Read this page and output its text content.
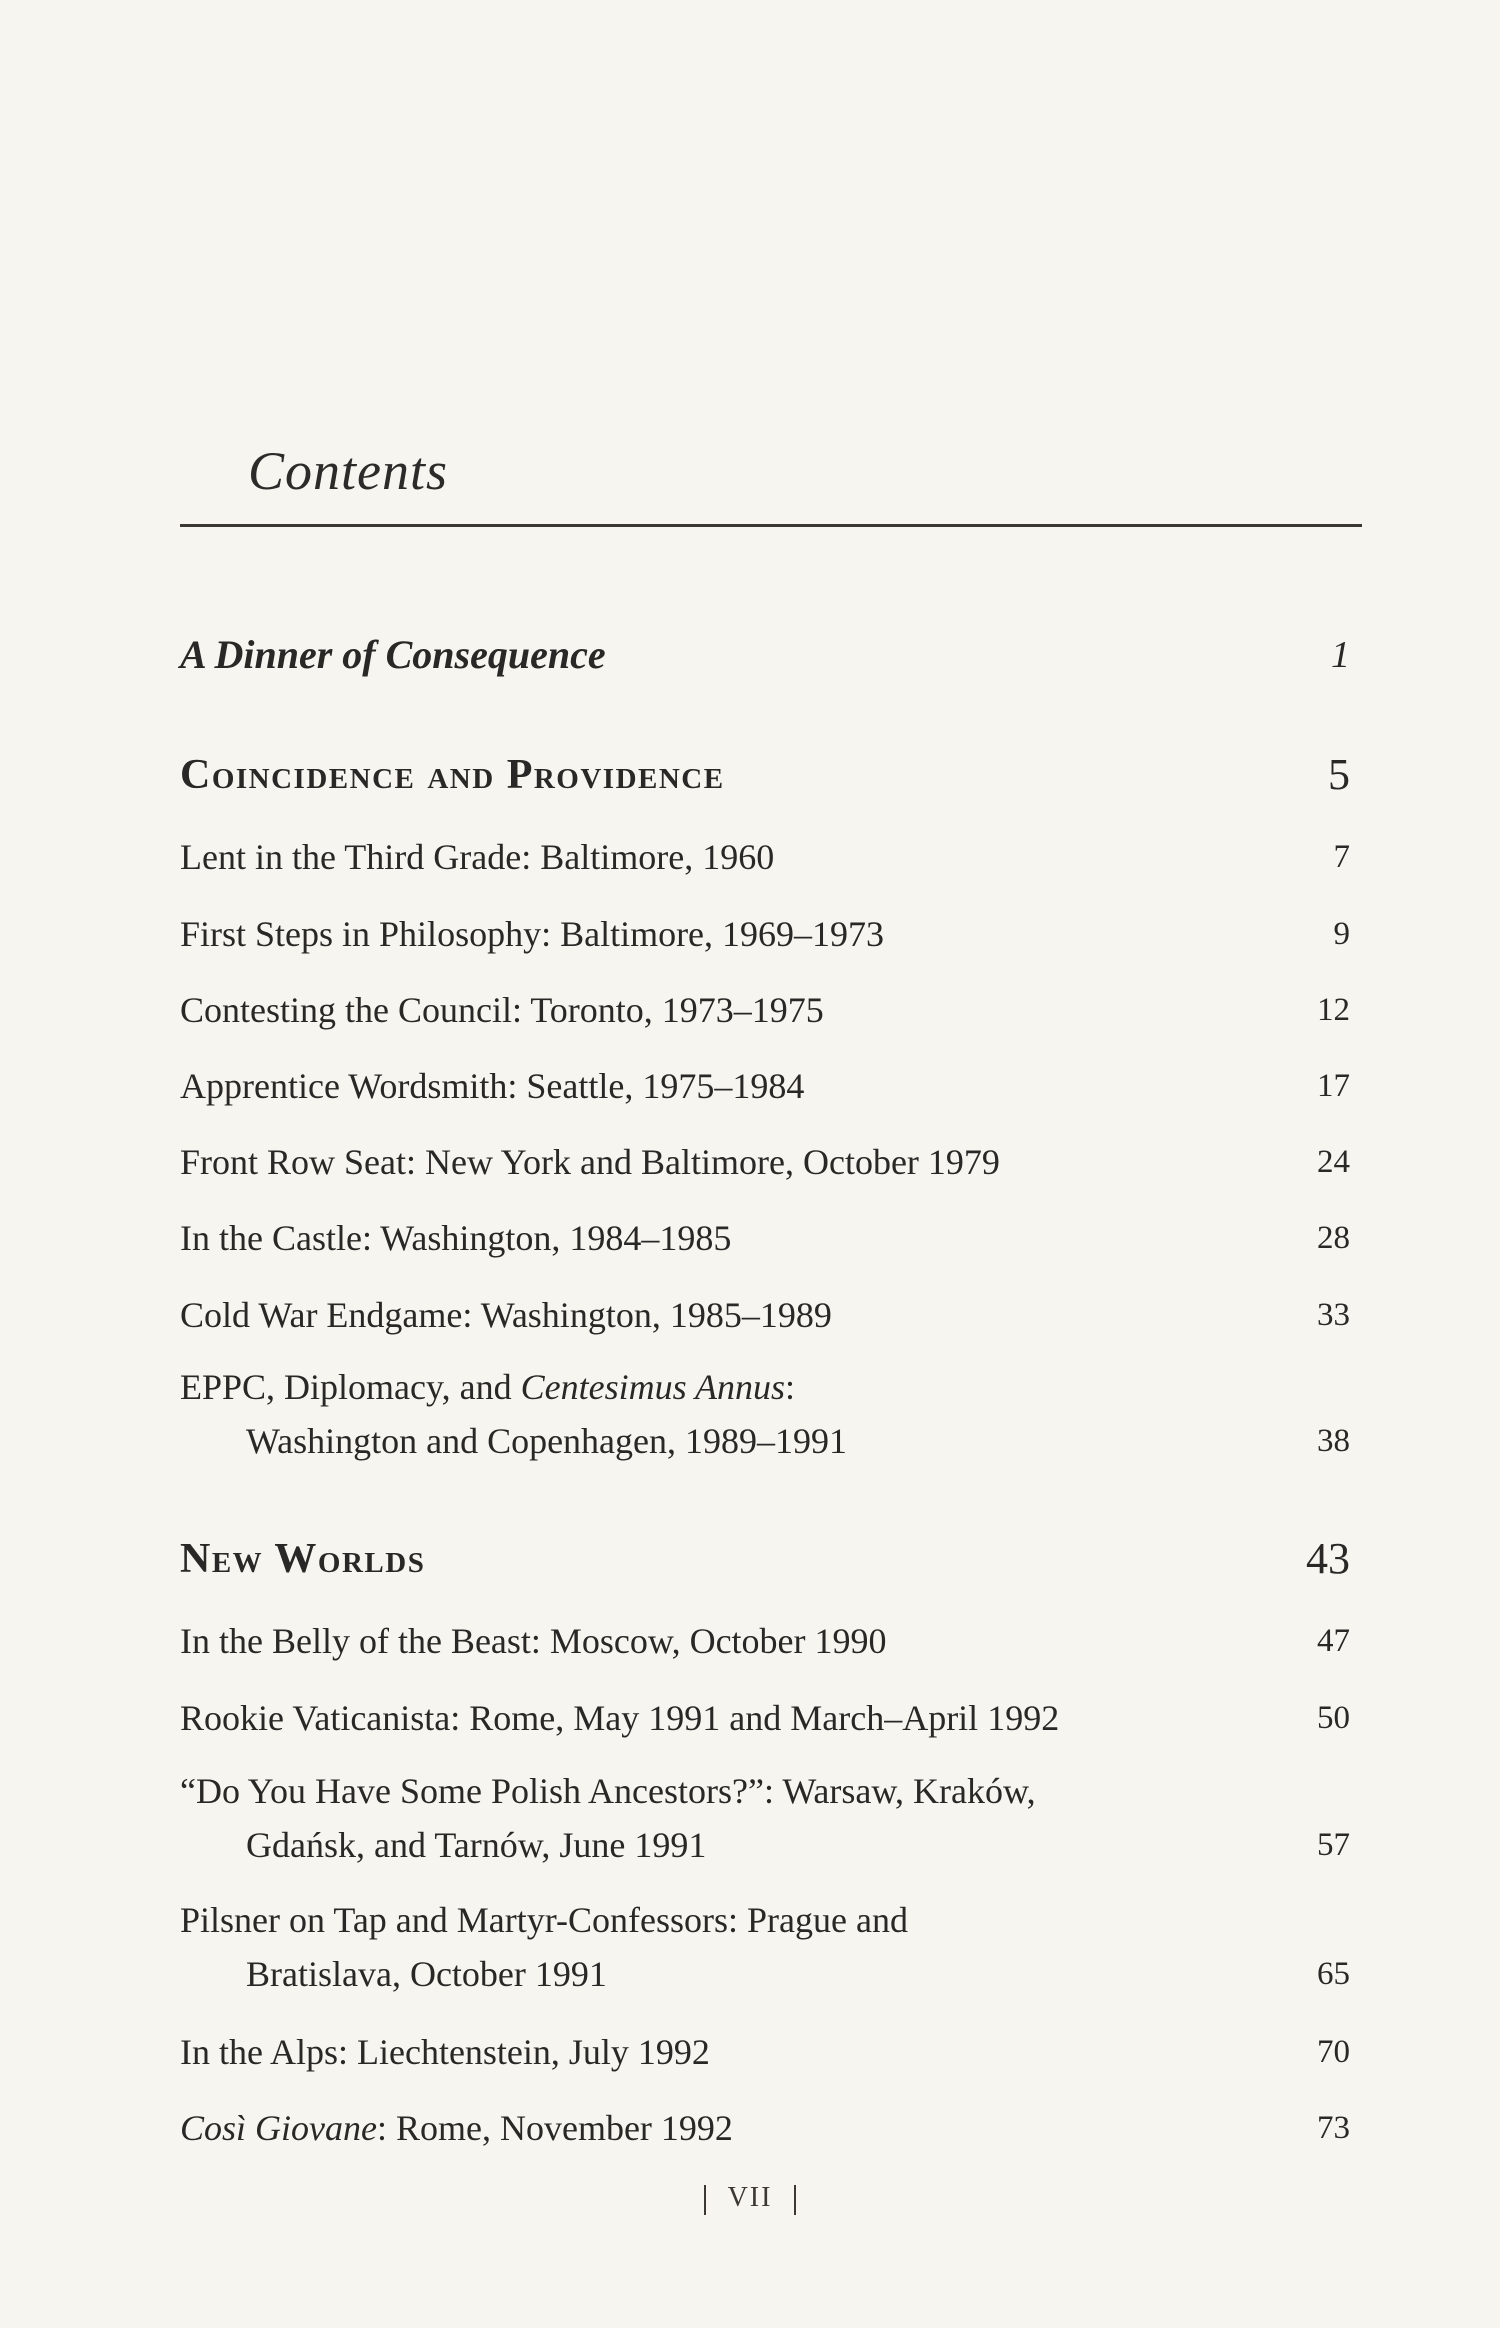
Contents
A Dinner of Consequence	1
Coincidence and Providence	5
Lent in the Third Grade: Baltimore, 1960	7
First Steps in Philosophy: Baltimore, 1969–1973	9
Contesting the Council: Toronto, 1973–1975	12
Apprentice Wordsmith: Seattle, 1975–1984	17
Front Row Seat: New York and Baltimore, October 1979	24
In the Castle: Washington, 1984–1985	28
Cold War Endgame: Washington, 1985–1989	33
EPPC, Diplomacy, and Centesimus Annus:
Washington and Copenhagen, 1989–1991	38
New Worlds	43
In the Belly of the Beast: Moscow, October 1990	47
Rookie Vaticanista: Rome, May 1991 and March–April 1992	50
“Do You Have Some Polish Ancestors?”: Warsaw, Kraków,
Gdańsk, and Tarnów, June 1991	57
Pilsner on Tap and Martyr-Confessors: Prague and
Bratislava, October 1991	65
In the Alps: Liechtenstein, July 1992	70
Così Giovane: Rome, November 1992	73
VII
